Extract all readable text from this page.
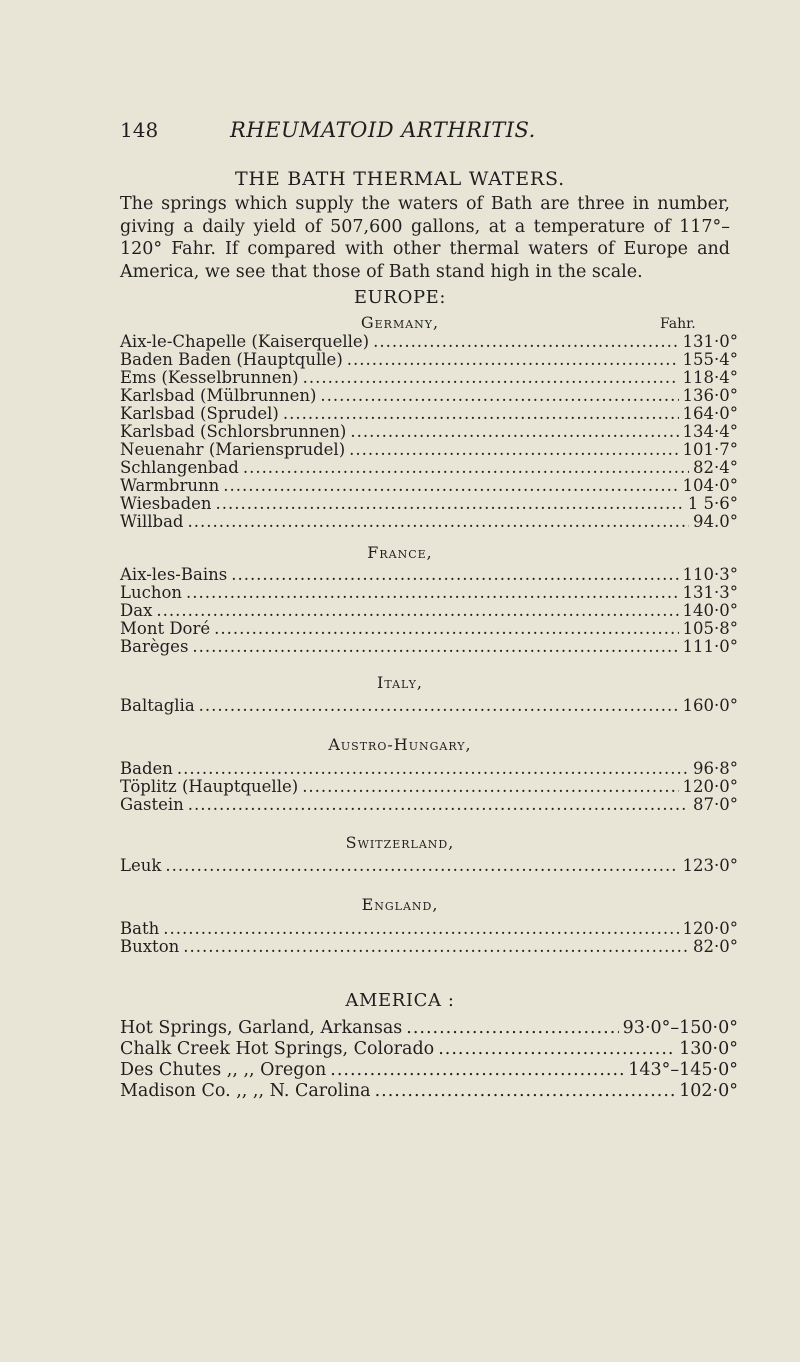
148	RHEUMATOID ARTHRITIS.
THE BATH THERMAL WATERS.

The springs which supply the waters of Bath are three in number, giving a daily yield of 507,600 gallons, at a temperature of 117°–120° Fahr. If compared with other thermal waters of Europe and America, we see that those of Bath stand high in the scale.

EUROPE:
Germany,	Fahr.
Aix-le-Chapelle (Kaiserquelle) .....	131·0°
Baden Baden (Hauptqulle) .....	155·4°
Ems (Kesselbrunnen) .....	118·4°
Karlsbad (Mülbrunnen) .....	136·0°
Karlsbad (Sprudel) .....	164·0°
Karlsbad (Schlorsbrunnen) .....	134·4°
Neuenahr (Mariensprudel) .....	101·7°
Schlangenbad .....	82·4°
Warmbrunn .....	104·0°
Wiesbaden .....	1 5·6°
Willbad .....	94.0°
France,
Aix-les-Bains .....	110·3°
Luchon .....	131·3°
Dax .....	140·0°
Mont Doré .....	105·8°
Barèges .....	111·0°
Italy,
Baltaglia .....	160·0°
Austro-Hungary,
Baden .....	96·8°
Töplitz (Hauptquelle) .....	120·0°
Gastein .....	87·0°
Switzerland,
Leuk .....	123·0°
England,
Bath .....	120·0°
Buxton .....	82·0°
AMERICA :
Hot Springs, Garland, Arkansas .....	93·0°–150·0°
Chalk Creek Hot Springs, Colorado .....	130·0°
Des Chutes ,, ,, Oregon .....	143°–145·0°
Madison Co. ,, ,, N. Carolina .....	102·0°
